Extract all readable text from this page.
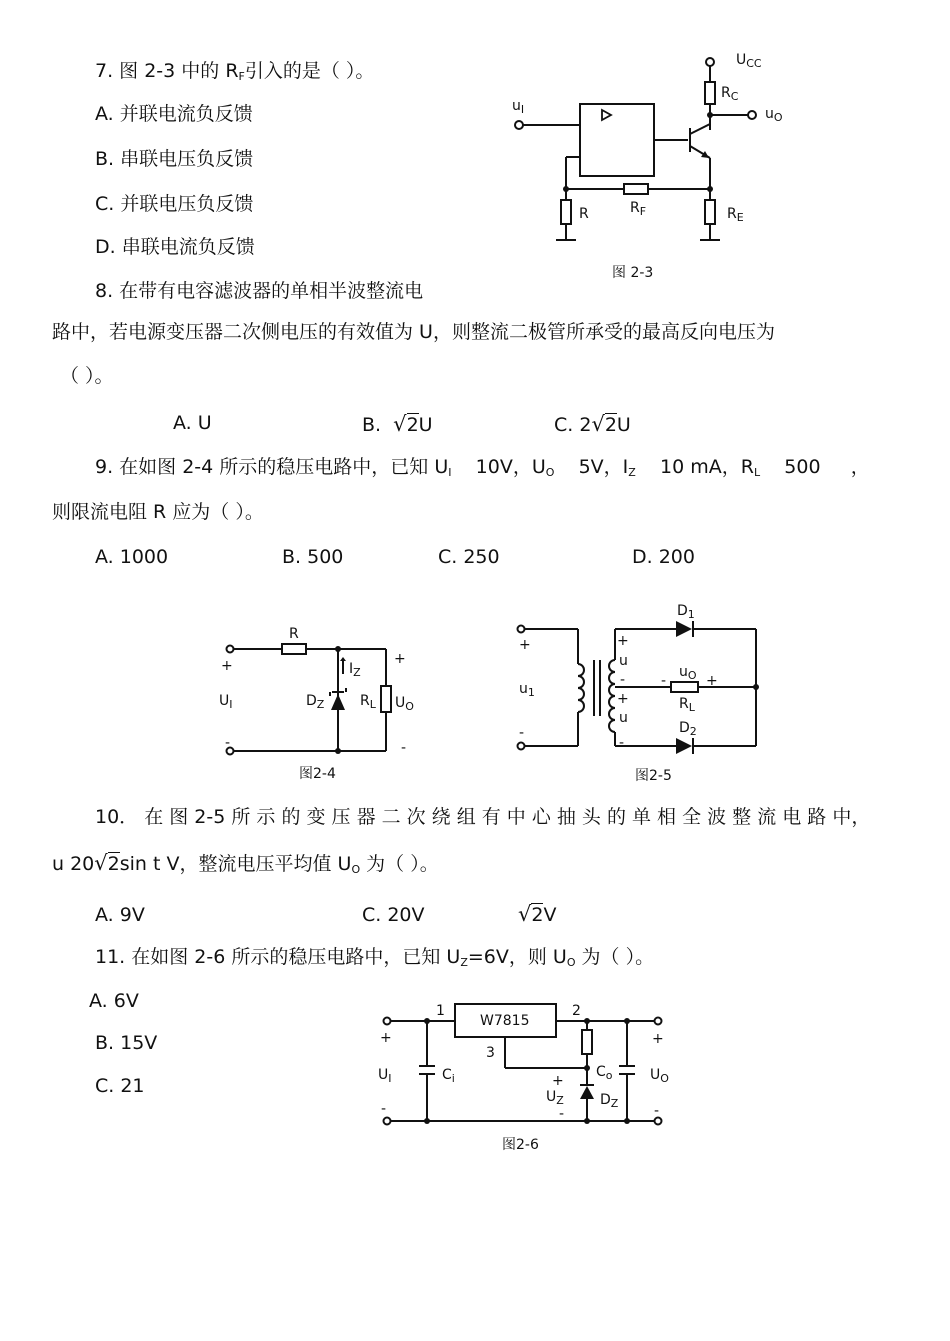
7. 图 2-3 中的 $R_F$引入的是（ ）。
A. 并联电流负反馈
B. 串联电压负反馈
C. 并联电压负反馈
D. 串联电流负反馈
$U_{CC}$
$R_C$
$u_I$	$u_O$
R	$R_F$	$R_E$
图 2-3
8. 在带有电容滤波器的单相半波整流电
路中，若电源变压器二次侧电压的有效值为 U，则整流二极管所承受的最高反向电压为
（ ）。
A. U	B. √2U	C. 2√2U
9. 在如图 2-4 所示的稳压电路中，已知 $U_I$ 10V，$U_O$ 5V，$I_Z$ 10 mA，$R_L$ 500 ，
则限流电阻 R 应为（ ）。
A. 1000	B. 500	C. 250	D. 200
R
+	+
$U_I$
$I_Z$
$D_Z$	$R_L$ $U_O$
-	-
图2-4
$D_1$
+	+
u
$u_1$
$u_O$
-	+
-
+	$R_L$
u
$D_2$
-
-
图2-5
10． 在 图 2-5 所 示 的 变 压 器 二 次 绕 组 有 中 心 抽 头 的 单 相 全 波 整 流 电 路 中，
u 20√2sin t V，整流电压平均值 $U_O$ 为（ ）。
A. 9V	C. 20V	√2V
11. 在如图 2-6 所示的稳压电路中，已知 $U_Z=6V$，则 $U_O$ 为（ ）。
A. 6V
B. 15V
C. 21
W7815
1	2
3
+	+
$U_I$	$C_i$	$C_o$	$U_O$
+
$U_Z$	$D_Z$
-
-	-
图2-6
